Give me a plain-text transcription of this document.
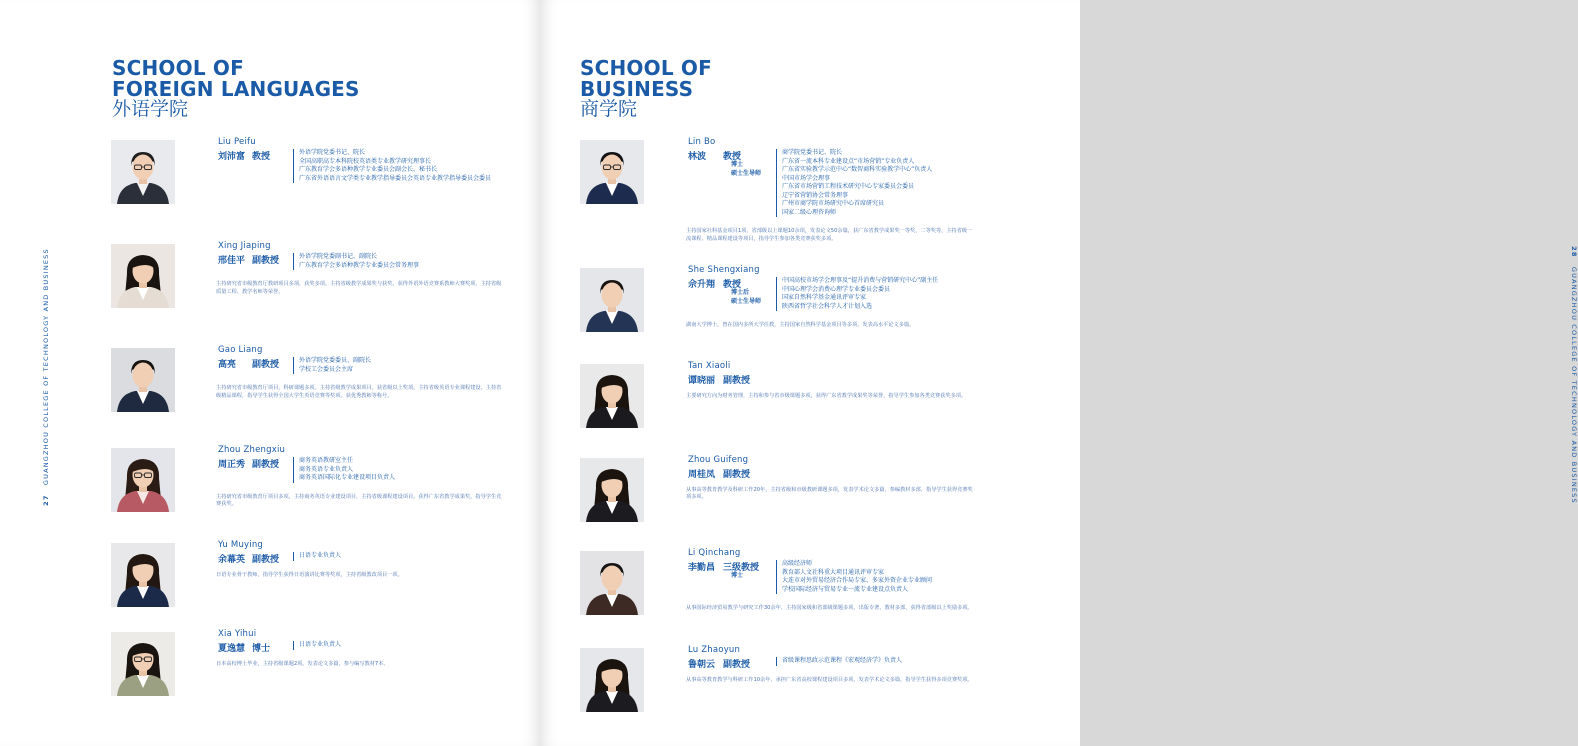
SCHOOL OF
FOREIGN LANGUAGES
外语学院
27 GUANGZHOU COLLEGE OF TECHNOLOGY AND BUSINESS
Liu Peifu
刘沛富 教授	外语学院党委书记、院长
全国高职高专本科院校英语类专业教学研究理事长
广东教育学会多语种教学专业委员会副会长、秘书长
广东省外语语言文学类专业教学指导委员会英语专业教学指导委员会委员
Xing Jiaping
邢佳平 副教授	外语学院党委副书记、副院长
广东教育学会多语种教学专业委员会常务理事
主持研究省市级教育厅教研项目多项，获奖多项。主持省级教学成果奖与获奖，获得外语外语竞赛系教师大赛奖项，主持省级质量工程、教学名师等荣誉。
Gao Liang
高亮 副教授	外语学院党委委员、副院长
学校工会委员会主席
主持研究省市级教育厅项目，科研课题多项。主持省级教学成果项目，获省级以上奖项。主持省级英语专业课程建设，主持省级精品课程，指导学生获得全国大学生英语竞赛等奖项。获优秀教师等称号。
Zhou Zhengxiu
周正秀 副教授	商务英语教研室主任
商务英语专业负责人
商务英语国际化专业建设项目负责人
主持研究省市级教育厅项目多项，主持商务英语专业建设项目，主持省级课程建设项目。获得广东省教学成果奖，指导学生竞赛获奖。
Yu Muying
余幕英 副教授	日语专业负责人
日语专业骨干教师，指导学生获得日语演讲比赛等奖项，主持省级教改项目一项。
Xia Yihui
夏逸慧 博士	日语专业负责人
日本高校博士毕业，主持省级课题2项，发表论文多篇，参与编写教材7本。
SCHOOL OF
BUSINESS
商学院
28 GUANGZHOU COLLEGE OF TECHNOLOGY AND BUSINESS
Lin Bo
林波 教授
博士
硕士生导师
商学院党委书记、院长
广东省一流本科专业建设点“市场营销”专业负责人
广东省实验教学示范中心“数智商科实验教学中心”负责人
中国市场学会理事
广东省市场营销工程技术研究中心专家委员会委员
辽宁省营销协会常务理事
广州市商学院市场研究中心首席研究员
国家二级心理咨询师
主持国家社科基金项目1项，省部级以上课题10余项，发表论文50余篇，获广东省教学成果奖一等奖、二等奖等，主持省级一流课程、精品课程建设等项目，指导学生参加各类竞赛获奖多项。
She Shengxiang
佘升翔 教授
博士后
硕士生导师
中国高校市场学会理事及“提升消费与营销研究中心”副主任
中国心理学会消费心理学专业委员会委员
国家自然科学基金通讯评审专家
陕西省哲学社会科学人才计划入选
湖南大学博士，曾在国内多所大学任教，主持国家自然科学基金项目等多项，发表高水平论文多篇。
Tan Xiaoli
谭晓丽 副教授
主要研究方向为财务管理，主持和参与省市级课题多项，获得广东省教学成果奖等荣誉，指导学生参加各类竞赛获奖多项。
Zhou Guifeng
周桂凤 副教授
从事高等教育教学及科研工作20年，主持省级和市级教研课题多项，发表学术论文多篇，参编教材多部，指导学生获得竞赛奖项多项。
Li Qinchang
李勤昌 三级教授
博士
高级经济师
教育部人文社科重大项目通讯评审专家
大连市对外贸易经济合作局专家、多家外资企业专业顾问
学校国际经济与贸易专业一流专业建设点负责人
从事国际经济贸易教学与研究工作30余年，主持国家级和省部级课题多项，出版专著、教材多部，获得省部级以上奖励多项。
Lu Zhaoyun
鲁朝云 副教授	省级课程思政示范课程《宏观经济学》负责人
从事高等教育教学与科研工作10余年，承担广东省高校课程建设项目多项，发表学术论文多篇，指导学生获得多项竞赛奖项。
